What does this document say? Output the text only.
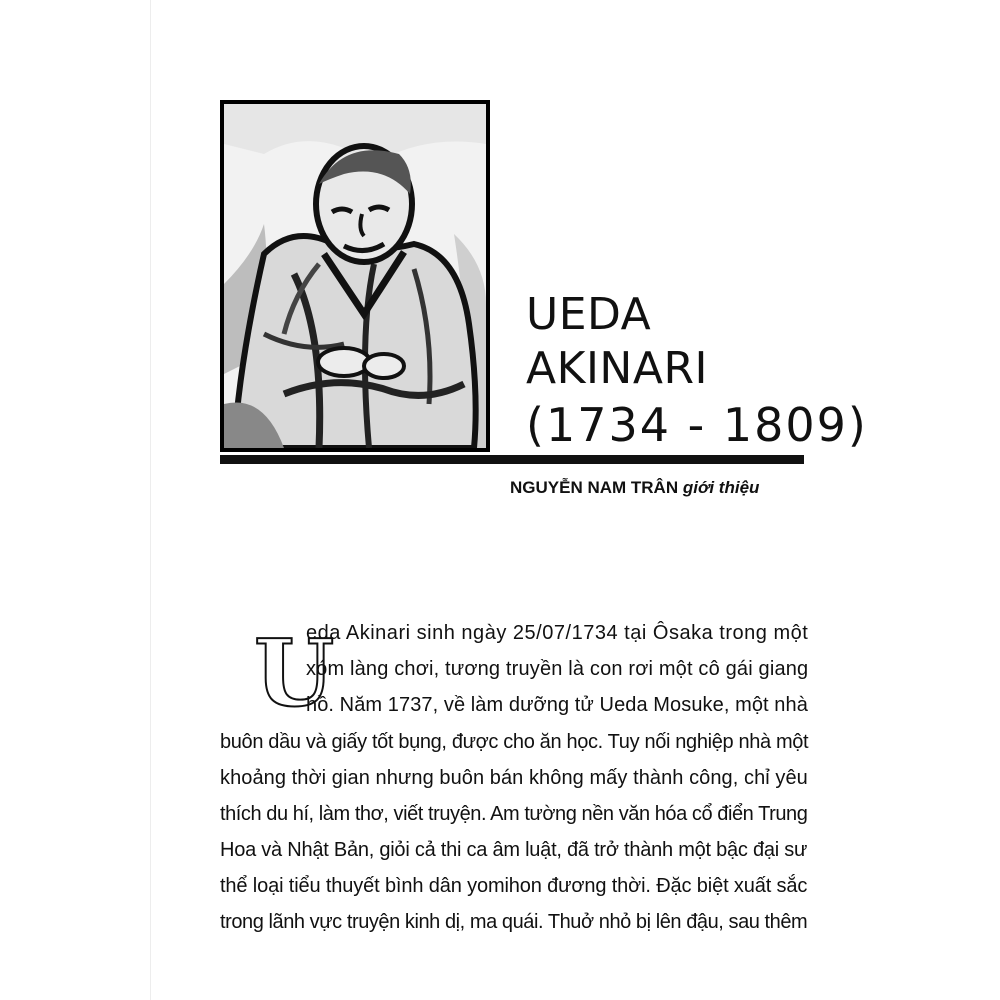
UEDA
AKINARI
(1734 - 1809)
NGUYỄN NAM TRÂN giới thiệu
U
eda Akinari sinh ngày 25/07/1734 tại Ôsaka trong một
xóm làng chơi, tương truyền là con rơi một cô gái giang
hồ. Năm 1737, về làm dưỡng tử Ueda Mosuke, một nhà
buôn dầu và giấy tốt bụng, được cho ăn học. Tuy nối nghiệp nhà một
khoảng thời gian nhưng buôn bán không mấy thành công, chỉ yêu
thích du hí, làm thơ, viết truyện. Am tường nền văn hóa cổ điển Trung
Hoa và Nhật Bản, giỏi cả thi ca âm luật, đã trở thành một bậc đại sư
thể loại tiểu thuyết bình dân yomihon đương thời. Đặc biệt xuất sắc
trong lãnh vực truyện kinh dị, ma quái. Thuở nhỏ bị lên đậu, sau thêm
